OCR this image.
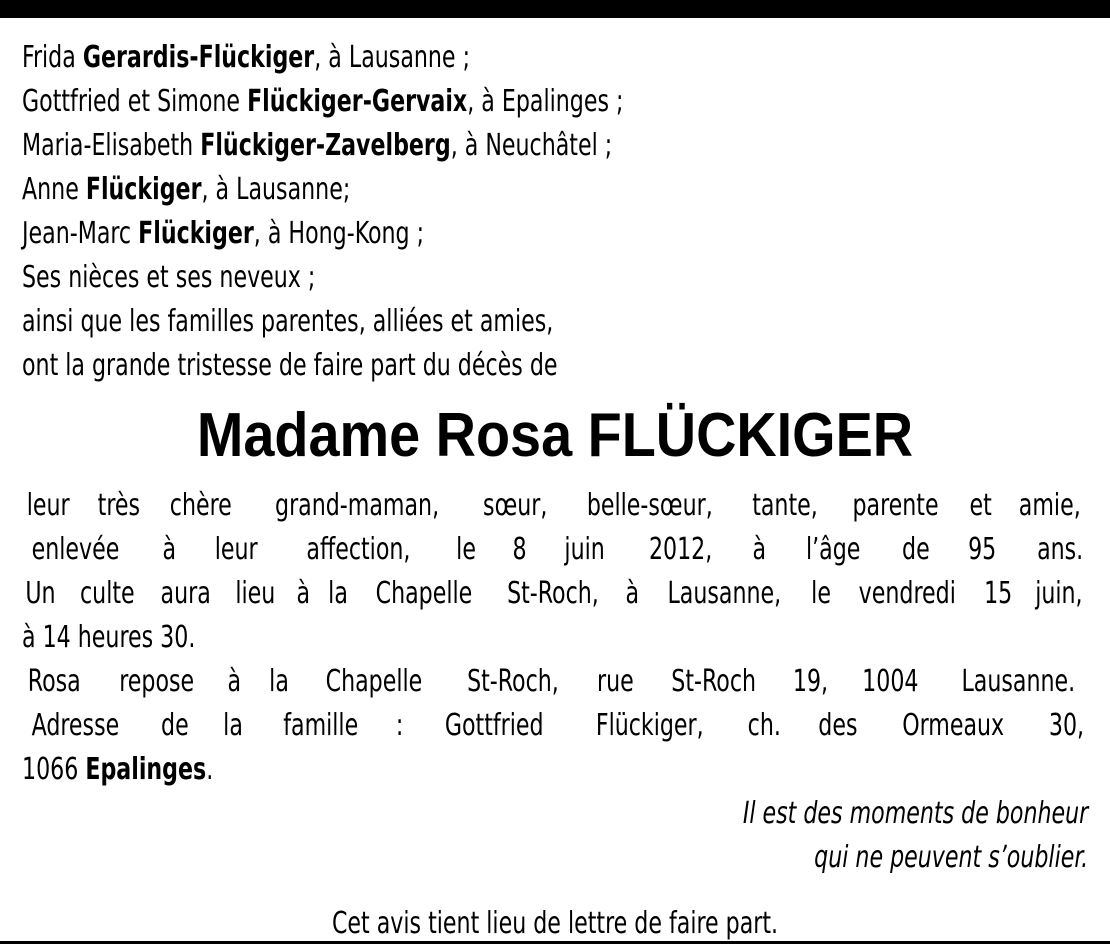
Frida Gerardis-Flückiger, à Lausanne ;
Gottfried et Simone Flückiger-Gervaix, à Epalinges ;
Maria-Elisabeth Flückiger-Zavelberg, à Neuchâtel ;
Anne Flückiger, à Lausanne;
Jean-Marc Flückiger, à Hong-Kong ;
Ses nièces et ses neveux ;
ainsi que les familles parentes, alliées et amies,
ont la grande tristesse de faire part du décès de
Madame Rosa FLÜCKIGER
leur très chère grand-maman, sœur, belle-sœur, tante, parente et amie,
enlevée à leur affection, le 8 juin 2012, à l’âge de 95 ans.
Un culte aura lieu à la Chapelle St-Roch, à Lausanne, le vendredi 15 juin,
à 14 heures 30.
Rosa repose à la Chapelle St-Roch, rue St-Roch 19, 1004 Lausanne.
Adresse de la famille : Gottfried Flückiger, ch. des Ormeaux 30,
1066 Epalinges.
Il est des moments de bonheur
qui ne peuvent s’oublier.
Cet avis tient lieu de lettre de faire part.
